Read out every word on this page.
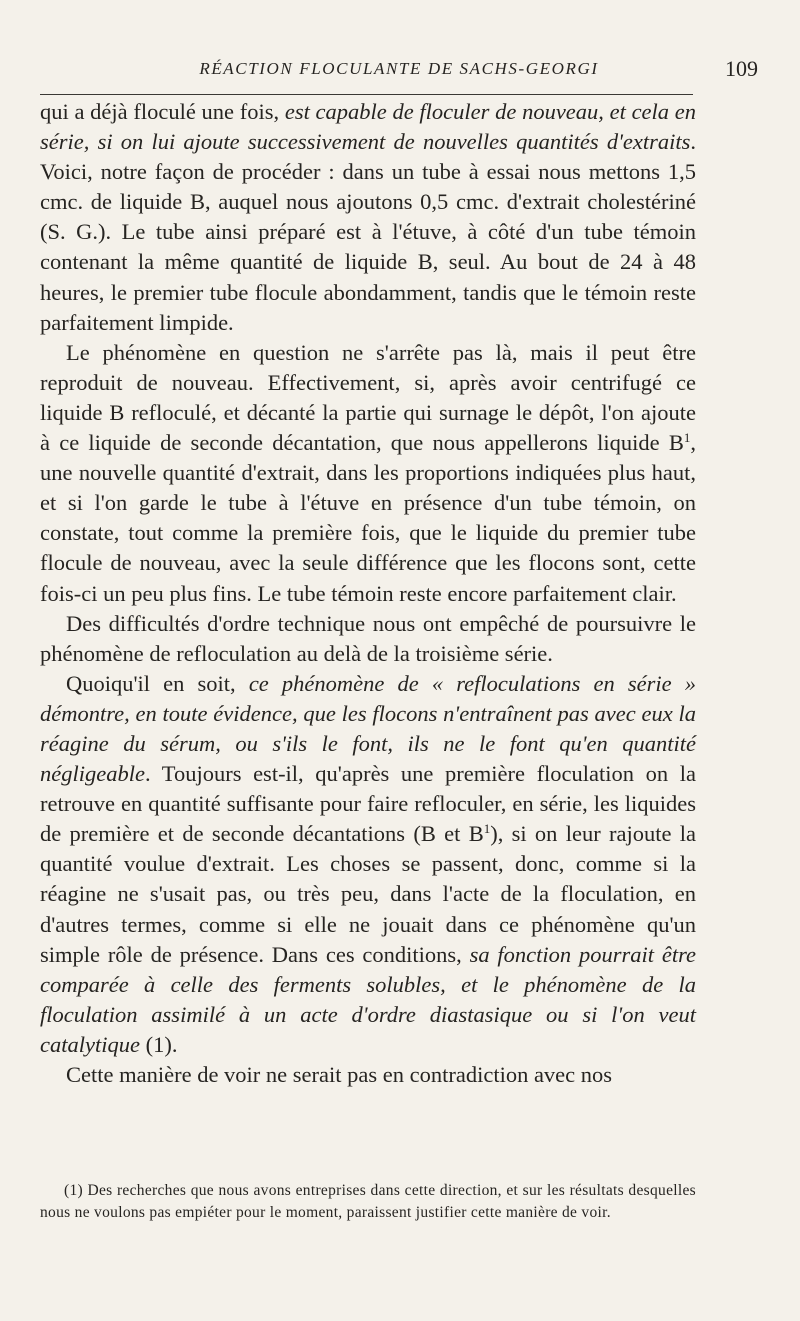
RÉACTION FLOCULANTE DE SACHS-GEORGI	109

qui a déjà floculé une fois, est capable de floculer de nouveau, et cela en série, si on lui ajoute successivement de nouvelles quantités d'extraits. Voici, notre façon de procéder : dans un tube à essai nous mettons 1,5 cmc. de liquide B, auquel nous ajoutons 0,5 cmc. d'extrait cholestériné (S. G.). Le tube ainsi préparé est à l'étuve, à côté d'un tube témoin contenant la même quantité de liquide B, seul. Au bout de 24 à 48 heures, le premier tube flocule abondamment, tandis que le témoin reste parfaitement limpide.

Le phénomène en question ne s'arrête pas là, mais il peut être reproduit de nouveau. Effectivement, si, après avoir centrifugé ce liquide B refloculé, et décanté la partie qui surnage le dépôt, l'on ajoute à ce liquide de seconde décantation, que nous appellerons liquide $B^1$, une nouvelle quantité d'extrait, dans les proportions indiquées plus haut, et si l'on garde le tube à l'étuve en présence d'un tube témoin, on constate, tout comme la première fois, que le liquide du premier tube flocule de nouveau, avec la seule différence que les flocons sont, cette fois-ci un peu plus fins. Le tube témoin reste encore parfaitement clair.

Des difficultés d'ordre technique nous ont empêché de poursuivre le phénomène de refloculation au delà de la troisième série.

Quoiqu'il en soit, ce phénomène de « refloculations en série » démontre, en toute évidence, que les flocons n'entraînent pas avec eux la réagine du sérum, ou s'ils le font, ils ne le font qu'en quantité négligeable. Toujours est-il, qu'après une première floculation on la retrouve en quantité suffisante pour faire refloculer, en série, les liquides de première et de seconde décantations (B et $B^1$), si on leur rajoute la quantité voulue d'extrait. Les choses se passent, donc, comme si la réagine ne s'usait pas, ou très peu, dans l'acte de la floculation, en d'autres termes, comme si elle ne jouait dans ce phénomène qu'un simple rôle de présence. Dans ces conditions, sa fonction pourrait être comparée à celle des ferments solubles, et le phénomène de la floculation assimilé à un acte d'ordre diastasique ou si l'on veut catalytique (1).

Cette manière de voir ne serait pas en contradiction avec nos

(1) Des recherches que nous avons entreprises dans cette direction, et sur les résultats desquelles nous ne voulons pas empiéter pour le moment, paraissent justifier cette manière de voir.
